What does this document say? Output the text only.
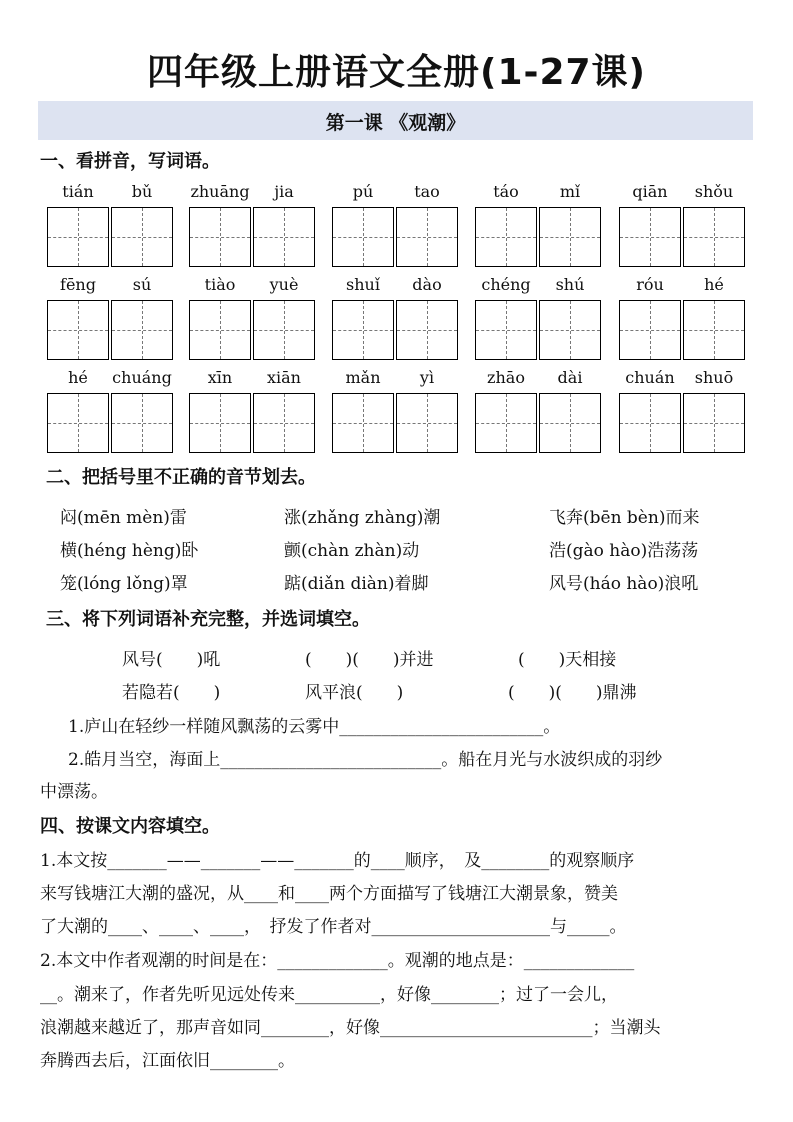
四年级上册语文全册(1-27课)
第一课 《观潮》
一、看拼音，写词语。
tián	bǔ	zhuāng	jia	pú	tao	táo	mǐ	qiān	shǒu
fēng	sú	tiào	yuè	shuǐ	dào	chéng	shú	róu	hé
hé	chuáng	xīn	xiān	mǎn	yì	zhāo	dài	chuán	shuō
二、把括号里不正确的音节划去。
闷(mēn mèn)雷	涨(zhǎng zhàng)潮	飞奔(bēn bèn)而来
横(héng hèng)卧	颤(chàn zhàn)动	浩(gào hào)浩荡荡
笼(lóng lǒng)罩	踮(diǎn diàn)着脚	风号(háo hào)浪吼
三、将下列词语补充完整，并选词填空。
风号(　　)吼	(　　)(　　)并进	(　　)天相接
若隐若(　　)	风平浪(　　)	(　　)(　　)鼎沸
1.庐山在轻纱一样随风飘荡的云雾中________________________。
2.皓月当空，海面上__________________________。船在月光与水波织成的羽纱
中漂荡。
四、按课文内容填空。
1.本文按_______——_______——_______的____顺序，　及________的观察顺序
来写钱塘江大潮的盛况，从____和____两个方面描写了钱塘江大潮景象，赞美
了大潮的____、____、____，　抒发了作者对_____________________与_____。
2.本文中作者观潮的时间是在：_____________。观潮的地点是：_____________
__。潮来了，作者先听见远处传来__________，好像________；过了一会儿，
浪潮越来越近了，那声音如同________，好像_________________________；当潮头
奔腾西去后，江面依旧________。
